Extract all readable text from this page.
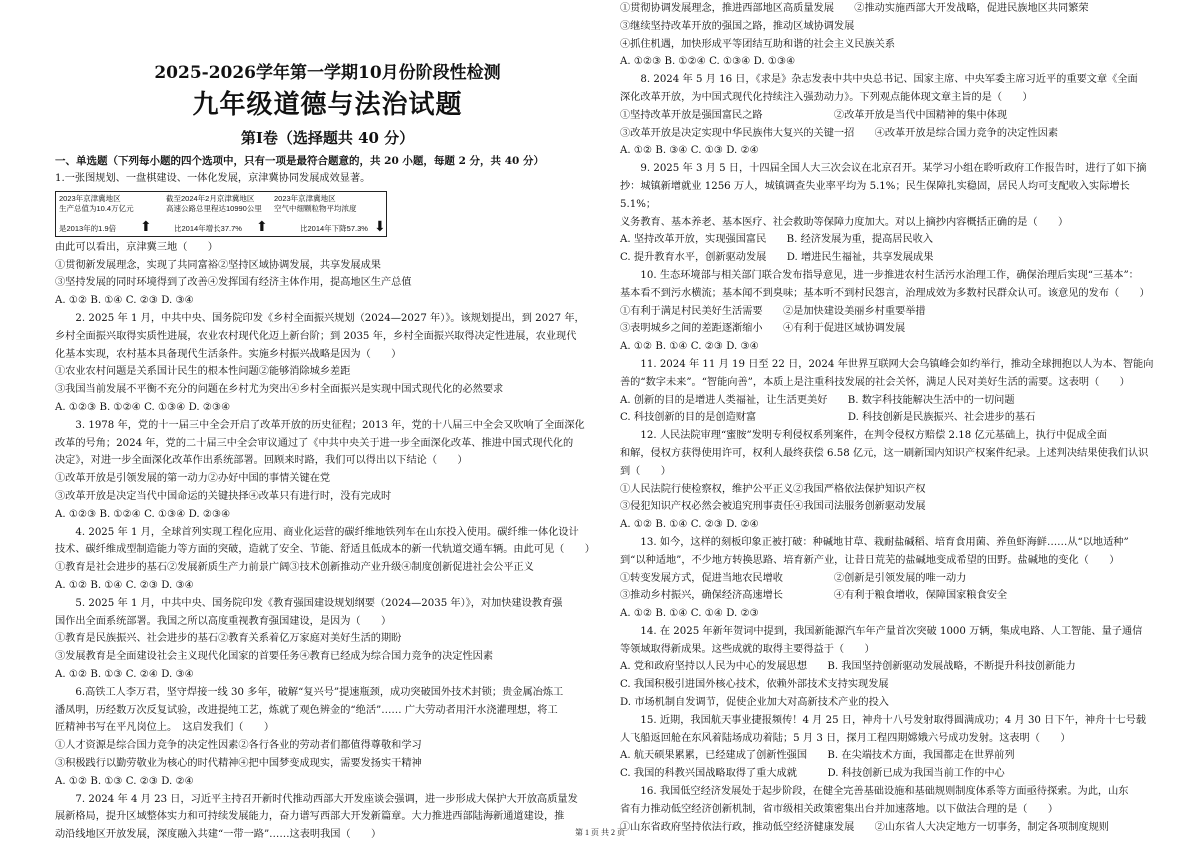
2025-2026学年第一学期10月份阶段性检测
九年级道德与法治试题
第Ⅰ卷（选择题共 40 分）
一、单选题（下列每小题的四个选项中，只有一项是最符合题意的，共 20 小题，每题 2 分，共 40 分）
1.一张图规划、一盘棋建设、一体化发展，京津冀协同发展成效显著。
2023年京津冀地区
生产总值为10.4万亿元
截至2024年2月京津冀地区
高速公路总里程达10990公里
2023年京津冀地区
空气中细颗粒物平均浓度
是2013年的1.9倍 ⬆	比2014年增长37.7% ⬆	比2014年下降57.3% ⬇
由此可以看出，京津冀三地（　　）
①贯彻新发展理念，实现了共同富裕②坚持区域协调发展，共享发展成果
③坚持发展的同时环境得到了改善④发挥国有经济主体作用，提高地区生产总值
A. ①② B. ①④ C. ②③ D. ③④
2. 2025 年 1 月，中共中央、国务院印发《乡村全面振兴规划（2024—2027 年）》。该规划提出，到 2027 年，
乡村全面振兴取得实质性进展，农业农村现代化迈上新台阶；到 2035 年，乡村全面振兴取得决定性进展，农业现代
化基本实现，农村基本具备现代生活条件。实施乡村振兴战略是因为（　　）
①农业农村问题是关系国计民生的根本性问题②能够消除城乡差距
③我国当前发展不平衡不充分的问题在乡村尤为突出④乡村全面振兴是实现中国式现代化的必然要求
A. ①②③ B. ①②④ C. ①③④ D. ②③④
3. 1978 年，党的十一届三中全会开启了改革开放的历史征程；2013 年，党的十八届三中全会又吹响了全面深化
改革的号角；2024 年，党的二十届三中全会审议通过了《中共中央关于进一步全面深化改革、推进中国式现代化的
决定》，对进一步全面深化改革作出系统部署。回顾来时路，我们可以得出以下结论（　　）
①改革开放是引领发展的第一动力②办好中国的事情关键在党
③改革开放是决定当代中国命运的关键抉择④改革只有进行时，没有完成时
A. ①②③ B. ①②④ C. ①③④ D. ②③④
4. 2025 年 1 月，全球首列实现工程化应用、商业化运营的碳纤维地铁列车在山东投入使用。碳纤维一体化设计
技术、碳纤维成型制造能力等方面的突破，造就了安全、节能、舒适且低成本的新一代轨道交通车辆。由此可见（　　）
①教育是社会进步的基石②发展新质生产力前景广阔③技术创新推动产业升级④制度创新促进社会公平正义
A. ①② B. ①④ C. ②③ D. ③④
5. 2025 年 1 月，中共中央、国务院印发《教育强国建设规划纲要（2024—2035 年）》，对加快建设教育强
国作出全面系统部署。我国之所以高度重视教育强国建设，是因为（　　）
①教育是民族振兴、社会进步的基石②教育关系着亿万家庭对美好生活的期盼
③发展教育是全面建设社会主义现代化国家的首要任务④教育已经成为综合国力竞争的决定性因素
A. ①② B. ①③ C. ②④ D. ③④
6.高铁工人李万君，坚守焊接一线 30 多年，破解“复兴号”提速瓶颈，成功突破国外技术封锁；贵金属冶炼工
潘凤明，历经数万次反复试验，改进提纯工艺，炼就了观色辨金的“绝活”…… 广大劳动者用汗水浇灌理想，将工
匠精神书写在平凡岗位上。　这启发我们（　　）
①人才资源是综合国力竞争的决定性因素②各行各业的劳动者们都值得尊敬和学习
③积极践行以勤劳敬业为核心的时代精神④把中国梦变成现实，需要发扬实干精神
A. ①② B. ①③ C. ②③ D. ②④
7. 2024 年 4 月 23 日，习近平主持召开新时代推动西部大开发座谈会强调，进一步形成大保护大开放高质量发
展新格局，提升区域整体实力和可持续发展能力，奋力谱写西部大开发新篇章。大力推进西部陆海新通道建设，推
动沿线地区开放发展，深度融入共建“一带一路”……这表明我国（　　）
①贯彻协调发展理念，推进西部地区高质量发展　　②推动实施西部大开发战略，促进民族地区共同繁荣
③继续坚持改革开放的强国之路，推动区域协调发展
④抓住机遇，加快形成平等团结互助和谐的社会主义民族关系
A. ①②③ B. ①②④ C. ①③④ D. ①③④
8. 2024 年 5 月 16 日，《求是》杂志发表中共中央总书记、国家主席、中央军委主席习近平的重要文章《全面
深化改革开放，为中国式现代化持续注入强劲动力》。下列观点能体现文章主旨的是（　　）
①坚持改革开放是强国富民之路　　　　　　　②改革开放是当代中国精神的集中体现
③改革开放是决定实现中华民族伟大复兴的关键一招　　④改革开放是综合国力竞争的决定性因素
A. ①② B. ③④ C. ①③ D. ②④
9. 2025 年 3 月 5 日，十四届全国人大三次会议在北京召开。某学习小组在聆听政府工作报告时，进行了如下摘
抄：城镇新增就业 1256 万人，城镇调查失业率平均为 5.1%；民生保障扎实稳固，居民人均可支配收入实际增长 5.1%；
义务教育、基本养老、基本医疗、社会救助等保障力度加大。对以上摘抄内容概括正确的是（　　）
A. 坚持改革开放，实现强国富民　　B. 经济发展为重，提高居民收入
C. 提升教育水平，创新驱动发展　　D. 增进民生福祉，共享发展成果
10. 生态环境部与相关部门联合发布指导意见，进一步推进农村生活污水治理工作，确保治理后实现“三基本”：
基本看不到污水横流；基本闻不到臭味；基本听不到村民怨言，治理成效为多数村民群众认可。该意见的发布（　　）
①有利于满足村民美好生活需要　　②是加快建设美丽乡村重要举措
③表明城乡之间的差距逐渐缩小　　④有利于促进区域协调发展
A. ①② B. ①④ C. ②③ D. ③④
11. 2024 年 11 月 19 日至 22 日，2024 年世界互联网大会乌镇峰会如约举行，推动全球拥抱以人为本、智能向
善的“数字未来”。“智能向善”，本质上是注重科技发展的社会关怀，满足人民对美好生活的需要。这表明（　　）
A. 创新的目的是增进人类福祉，让生活更美好　　B. 数字科技能解决生活中的一切问题
C. 科技创新的目的是创造财富　　　　　　　　　D. 科技创新是民族振兴、社会进步的基石
12. 人民法院审理“蜜胺”发明专利侵权系列案件，在判令侵权方赔偿 2.18 亿元基础上，执行中促成全面
和解，侵权方获得使用许可，权利人最终获偿 6.58 亿元，这一刷新国内知识产权案件纪录。上述判决结果使我们认识
到（　　）
①人民法院行使检察权，维护公平正义②我国严格依法保护知识产权
③侵犯知识产权必然会被追究刑事责任④我国司法服务创新驱动发展
A. ①② B. ①④ C. ②③ D. ②④
13. 如今，这样的刻板印象正被打破：种碱地甘草、栽耐盐碱稻、培育食用菌、养鱼虾海鲜……从“以地适种”
到“以种适地”，不少地方转换思路、培育新产业，让昔日荒芜的盐碱地变成希望的田野。盐碱地的变化（　　）
①转变发展方式，促进当地农民增收　　　　　②创新是引领发展的唯一动力
③推动乡村振兴，确保经济高速增长　　　　　④有利于粮食增收，保障国家粮食安全
A. ①② B. ①④ C. ①④ D. ②③
14. 在 2025 年新年贺词中提到，我国新能源汽车年产量首次突破 1000 万辆，集成电路、人工智能、量子通信
等领域取得新成果。这些成就的取得主要得益于（　　）
A. 党和政府坚持以人民为中心的发展思想　　B. 我国坚持创新驱动发展战略，不断提升科技创新能力
C. 我国积极引进国外核心技术，依赖外部技术支持实现发展
D. 市场机制自发调节，促使企业加大对高新技术产业的投入
15. 近期，我国航天事业捷报频传！4 月 25 日，神舟十八号发射取得圆满成功；4 月 30 日下午，神舟十七号载
人飞船返回舱在东风着陆场成功着陆；5 月 3 日，探月工程四期嫦娥六号成功发射。这表明（　　）
A. 航天硕果累累，已经建成了创新性强国　　B. 在尖端技术方面，我国都走在世界前列
C. 我国的科教兴国战略取得了重大成就　　　D. 科技创新已成为我国当前工作的中心
16. 我国低空经济发展处于起步阶段，在健全完善基础设施和基础规则制度体系等方面亟待探索。为此，山东
省有力推动低空经济创新机制，省市级相关政策密集出台并加速落地。以下做法合理的是（　　）
①山东省政府坚持依法行政，推动低空经济健康发展　　②山东省人大决定地方一切事务，制定各项制度规则
第 1 页 共 2 页
